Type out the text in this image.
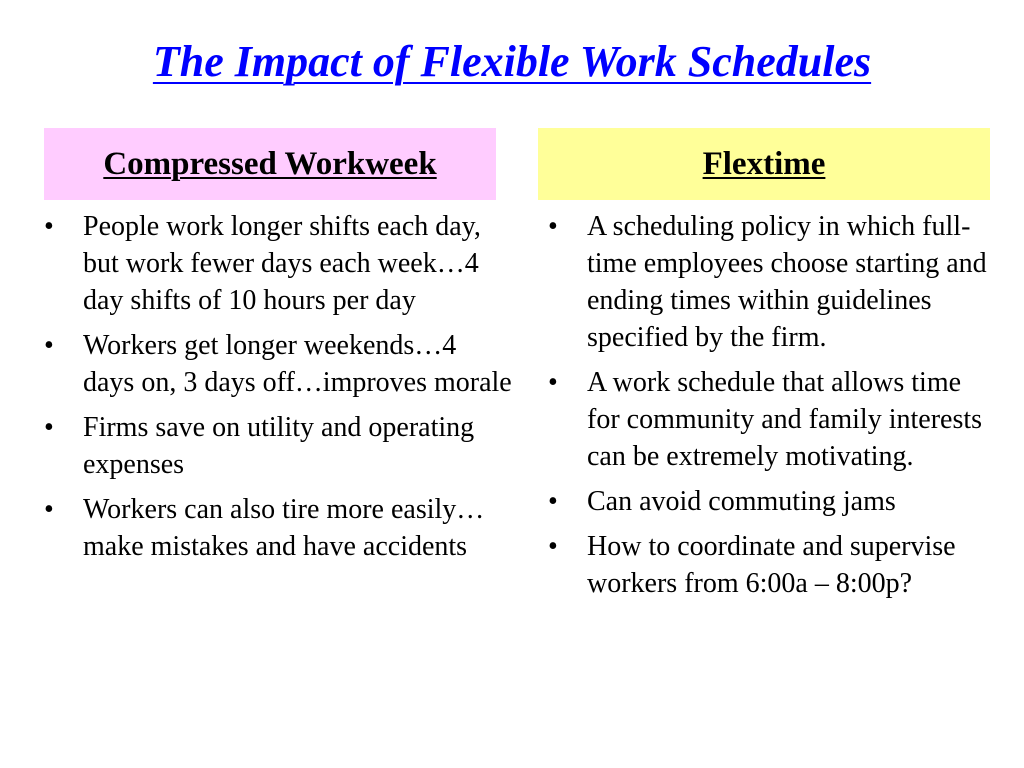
The Impact of Flexible Work Schedules
Compressed Workweek	Flextime
• People work longer shifts each day, but work fewer days each week…4 day shifts of 10 hours per day
• Workers get longer weekends…4 days on, 3 days off…improves morale
• Firms save on utility and operating expenses
• Workers can also tire more easily…make mistakes and have accidents
• A scheduling policy in which full-time employees choose starting and ending times within guidelines specified by the firm.
• A work schedule that allows time for community and family interests can be extremely motivating.
• Can avoid commuting jams
• How to coordinate and supervise workers from 6:00a – 8:00p?
